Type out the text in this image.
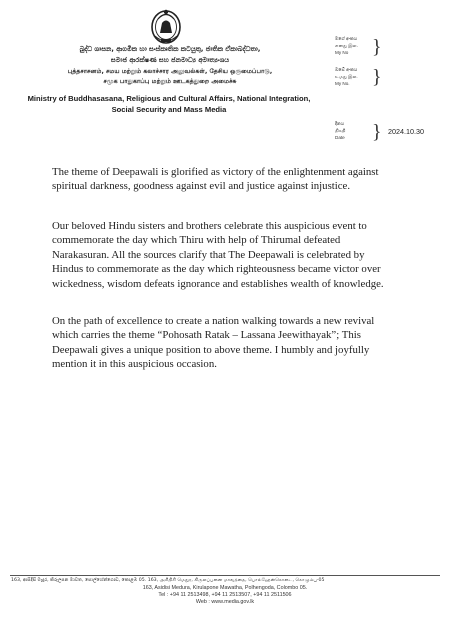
බුද්ධ ශාසන, ආගමික හා සංස්කෘතික කටයුතු, ජාතික ඒකාබද්ධතා,
සමාජ ආරක්ෂණ සහ ජනමාධ්‍ය අමාත්‍යංශය
புத்தசாசனம், சமய மற்றும் கலாச்சார அலுவல்கள், தேசிய ஒருமைப்பாடு,
சமூக பாதுகாப்பு மற்றும் ஊடகத்துறை அமைச்சு
Ministry of Buddhasasana, Religious and Cultural Affairs, National Integration,
Social Security and Mass Media
මගේ අංකය
எனது இல.
My No	}
ඔබේ අංකය
உமது இல.
My No.	}
දිනය
திகதி
Date } 2024.10.30
The theme of Deepawali is glorified as victory of the enlightenment against spiritual darkness, goodness against evil and justice against injustice.
Our beloved Hindu sisters and brothers celebrate this auspicious event to commemorate the day which Thiru with help of Thirumal defeated Narakasuran. All the sources clarify that The Deepawali is celebrated by Hindus to commemorate as the day which righteousness became victor over wickedness, wisdom defeats ignorance and establishes wealth of knowledge.
On the path of excellence to create a nation walking towards a new revival which carries the theme “Pohosath Ratak – Lassana Jeewithayak”; This Deepawali gives a unique position to above theme. I humbly and joyfully mention it in this auspicious occasion.
163, ආසිදිසි මැදුර, කිරුලපන මාවත, පොල්හේන්ගොඩ, කොළඹ 05. 163, அசிதிசி மெதுர, கிருலப்பனை மாவத்தை, பொல்ஹேன்கொடை, கொழும்பு-05
163, Asidisi Medura, Kirulapone Mawatha, Polhengoda, Colombo 05.
Tel : +94 11 2513498, +94 11 2513507, +94 11 2511506
Web : www.media.gov.lk
